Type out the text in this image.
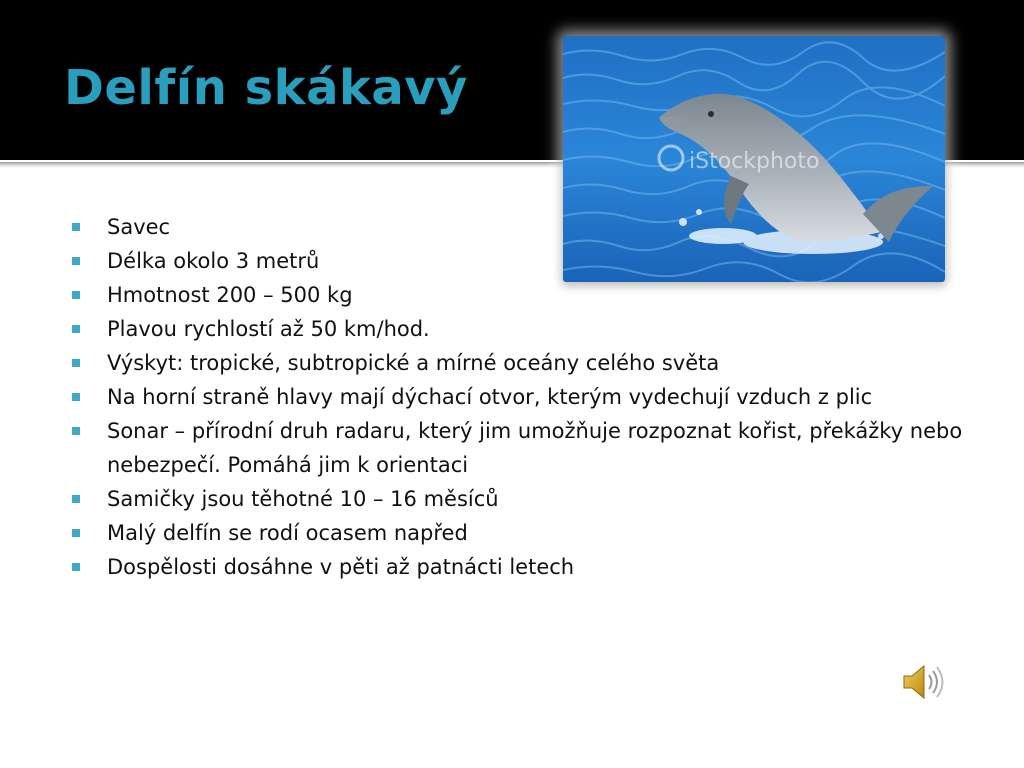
Delfín skákavý
iStockphoto
Savec
Délka okolo 3 metrů
Hmotnost 200 – 500 kg
Plavou rychlostí až 50 km/hod.
Výskyt: tropické, subtropické a mírné oceány celého světa
Na horní straně hlavy mají dýchací otvor, kterým vydechují vzduch z plic
Sonar – přírodní druh radaru, který jim umožňuje rozpoznat kořist, překážky nebo nebezpečí. Pomáhá jim k orientaci
Samičky jsou těhotné 10 – 16 měsíců
Malý delfín se rodí ocasem napřed
Dospělosti dosáhne v pěti až patnácti letech
